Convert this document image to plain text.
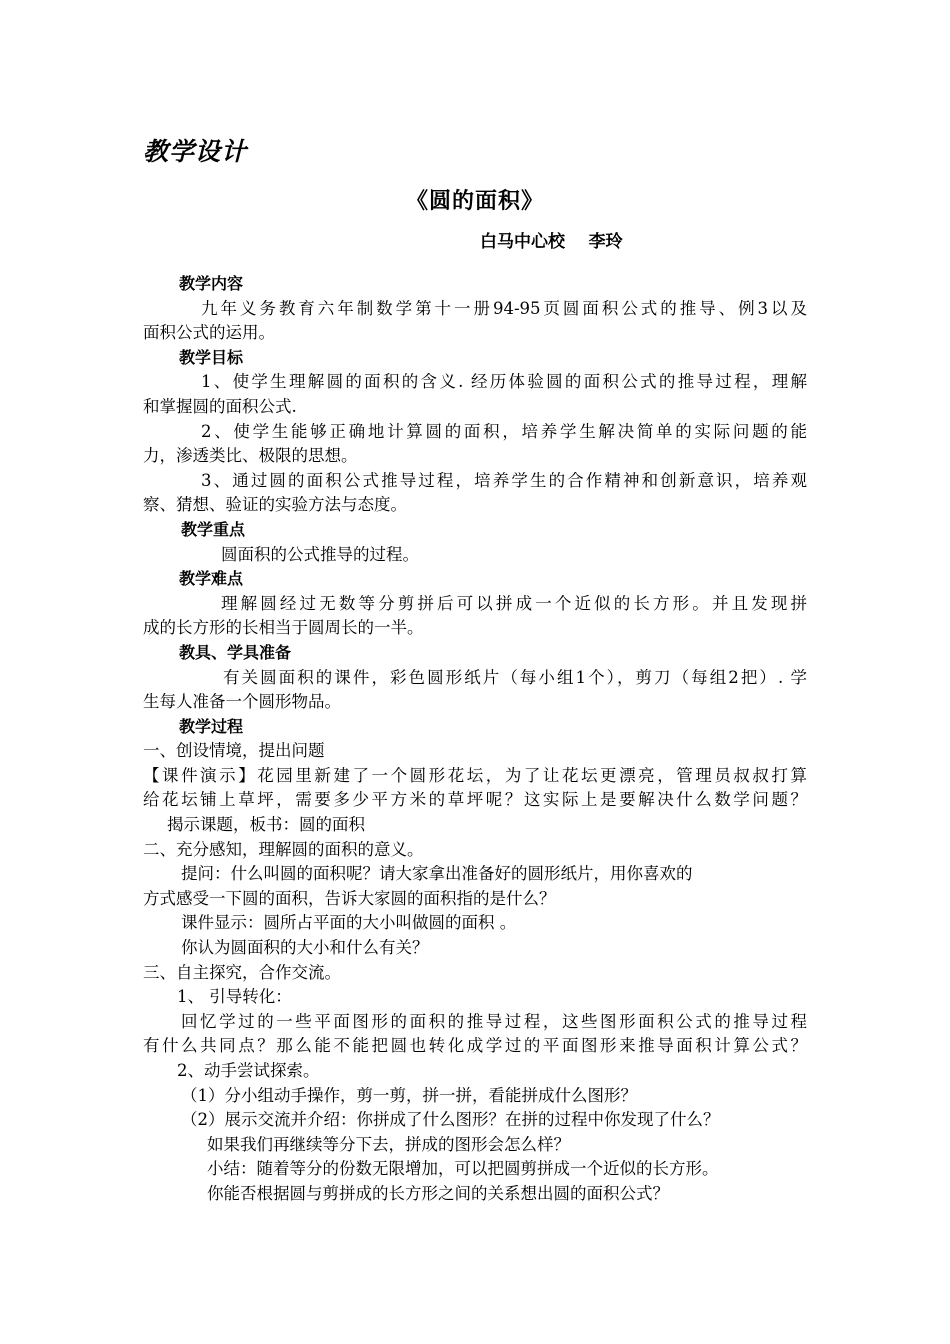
教学设计
《圆的面积》
白马中心校    李玲
教学内容
九年义务教育六年制数学第十一册94-95页圆面积公式的推导、例3以及
面积公式的运用。
教学目标
1、使学生理解圆的面积的含义. 经历体验圆的面积公式的推导过程，理解
和掌握圆的面积公式.
2、使学生能够正确地计算圆的面积，培养学生解决简单的实际问题的能
力，渗透类比、极限的思想。
3、通过圆的面积公式推导过程，培养学生的合作精神和创新意识，培养观
察、猜想、验证的实验方法与态度。
教学重点
圆面积的公式推导的过程。
教学难点
理解圆经过无数等分剪拼后可以拼成一个近似的长方形。并且发现拼
成的长方形的长相当于圆周长的一半。
教具、学具准备
有关圆面积的课件，彩色圆形纸片（每小组1个），剪刀（每组2把）. 学
生每人准备一个圆形物品。
教学过程
一、创设情境，提出问题
【课件演示】花园里新建了一个圆形花坛，为了让花坛更漂亮，管理员叔叔打算
给花坛铺上草坪，需要多少平方米的草坪呢？这实际上是要解决什么数学问题？
揭示课题，板书：圆的面积
二、充分感知，理解圆的面积的意义。
提问：什么叫圆的面积呢？请大家拿出准备好的圆形纸片，用你喜欢的
方式感受一下圆的面积，告诉大家圆的面积指的是什么？
课件显示：圆所占平面的大小叫做圆的面积 。
你认为圆面积的大小和什么有关？
三、自主探究，合作交流。
1、 引导转化：
回忆学过的一些平面图形的面积的推导过程，这些图形面积公式的推导过程
有什么共同点？那么能不能把圆也转化成学过的平面图形来推导面积计算公式？
2、动手尝试探索。
（1）分小组动手操作，剪一剪，拼一拼，看能拼成什么图形？
（2）展示交流并介绍：你拼成了什么图形？在拼的过程中你发现了什么？
如果我们再继续等分下去，拼成的图形会怎么样？
小结：随着等分的份数无限增加，可以把圆剪拼成一个近似的长方形。
你能否根据圆与剪拼成的长方形之间的关系想出圆的面积公式？
